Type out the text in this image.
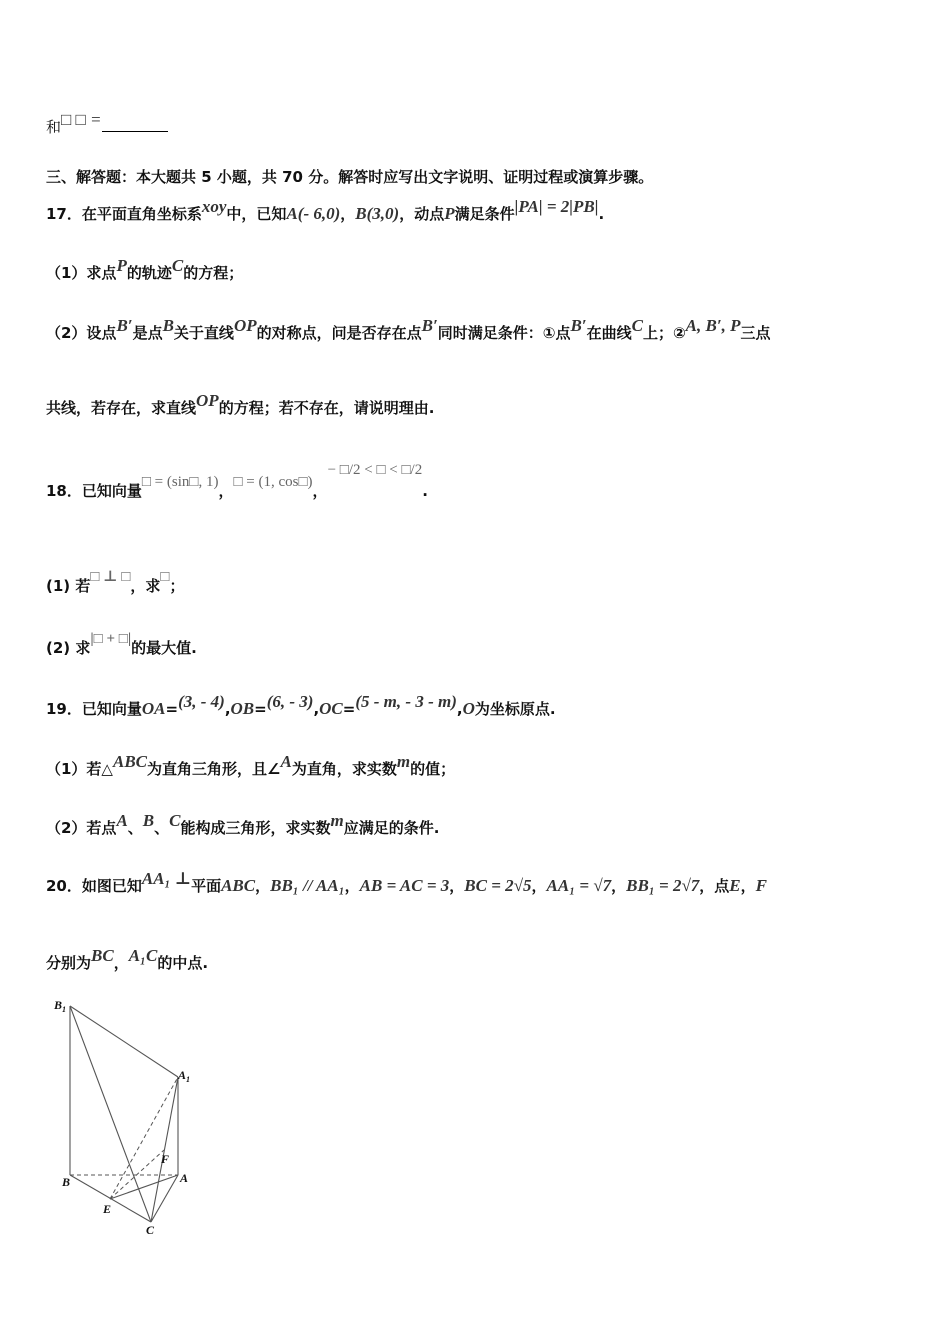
和□ □ =
三、解答题：本大题共 5 小题，共 70 分。解答时应写出文字说明、证明过程或演算步骤。
17．在平面直角坐标系xoy中，已知A(- 6,0)，B(3,0)，动点P满足条件|PA| = 2|PB|.
（1）求点P的轨迹C的方程；
（2）设点B′是点B关于直线OP的对称点，问是否存在点B′同时满足条件：①点B′在曲线C上；②A, B′, P三点
共线，若存在，求直线OP的方程；若不存在，请说明理由.
18．已知向量□ = (sin□, 1)，□ = (1, cos□)，− □/2 < □ < □/2.
(1) 若□ ⊥ □，求□；
(2) 求|□ + □|的最大值.
19．已知向量OA=(3, - 4),OB=(6, - 3),OC=(5 - m, - 3 - m),O为坐标原点.
（1）若△ABC为直角三角形，且∠A为直角，求实数m的值；
（2）若点A、B、C能构成三角形，求实数m应满足的条件.
20．如图已知AA₁ ⊥平面ABC，BB₁ // AA₁，AB = AC = 3，BC = 2√5，AA₁ = √7，BB₁ = 2√7，点E，F
分别为BC，A₁C的中点.
$B_1$
$A_1$
F
B	A
E
C
